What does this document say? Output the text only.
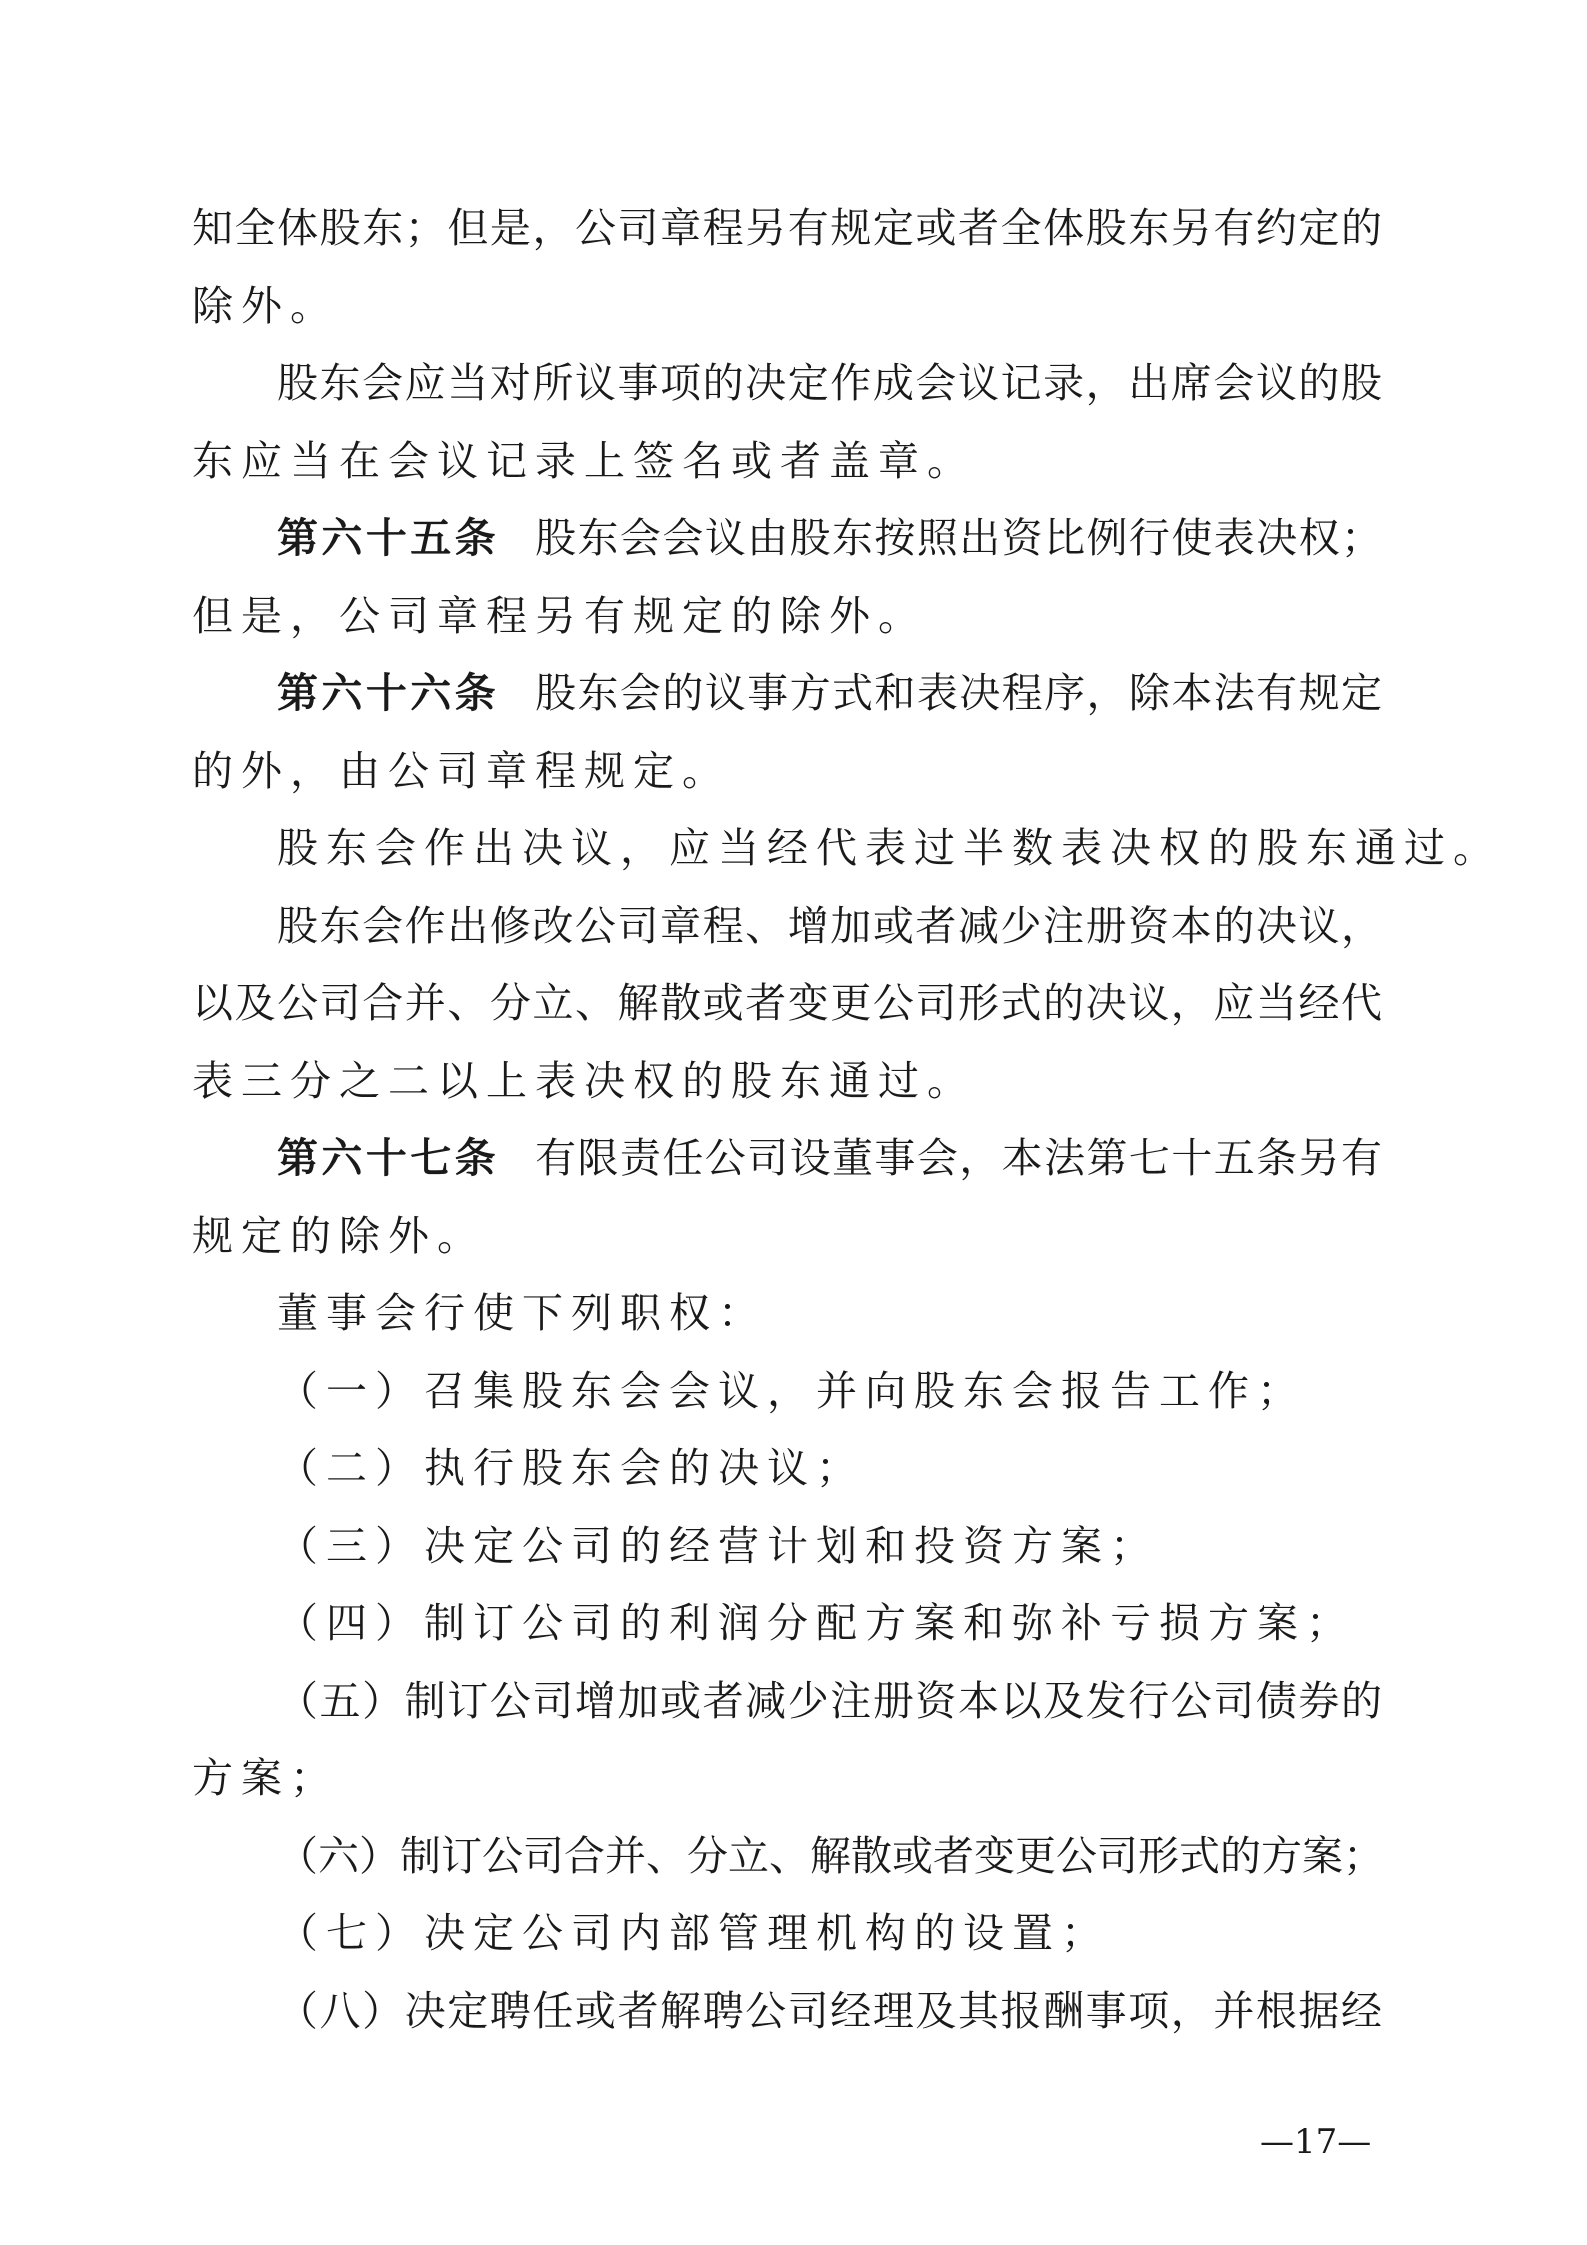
知全体股东；但是，公司章程另有规定或者全体股东另有约定的
除外。
股东会应当对所议事项的决定作成会议记录，出席会议的股
东应当在会议记录上签名或者盖章。
第六十五条 股东会会议由股东按照出资比例行使表决权；
但是，公司章程另有规定的除外。
第六十六条 股东会的议事方式和表决程序，除本法有规定
的外，由公司章程规定。
股东会作出决议，应当经代表过半数表决权的股东通过。
股东会作出修改公司章程、增加或者减少注册资本的决议，
以及公司合并、分立、解散或者变更公司形式的决议，应当经代
表三分之二以上表决权的股东通过。
第六十七条 有限责任公司设董事会，本法第七十五条另有
规定的除外。
董事会行使下列职权：
（一）召集股东会会议，并向股东会报告工作；
（二）执行股东会的决议；
（三）决定公司的经营计划和投资方案；
（四）制订公司的利润分配方案和弥补亏损方案；
（五）制订公司增加或者减少注册资本以及发行公司债券的
方案；
（六）制订公司合并、分立、解散或者变更公司形式的方案；
（七）决定公司内部管理机构的设置；
（八）决定聘任或者解聘公司经理及其报酬事项，并根据经
—17—
